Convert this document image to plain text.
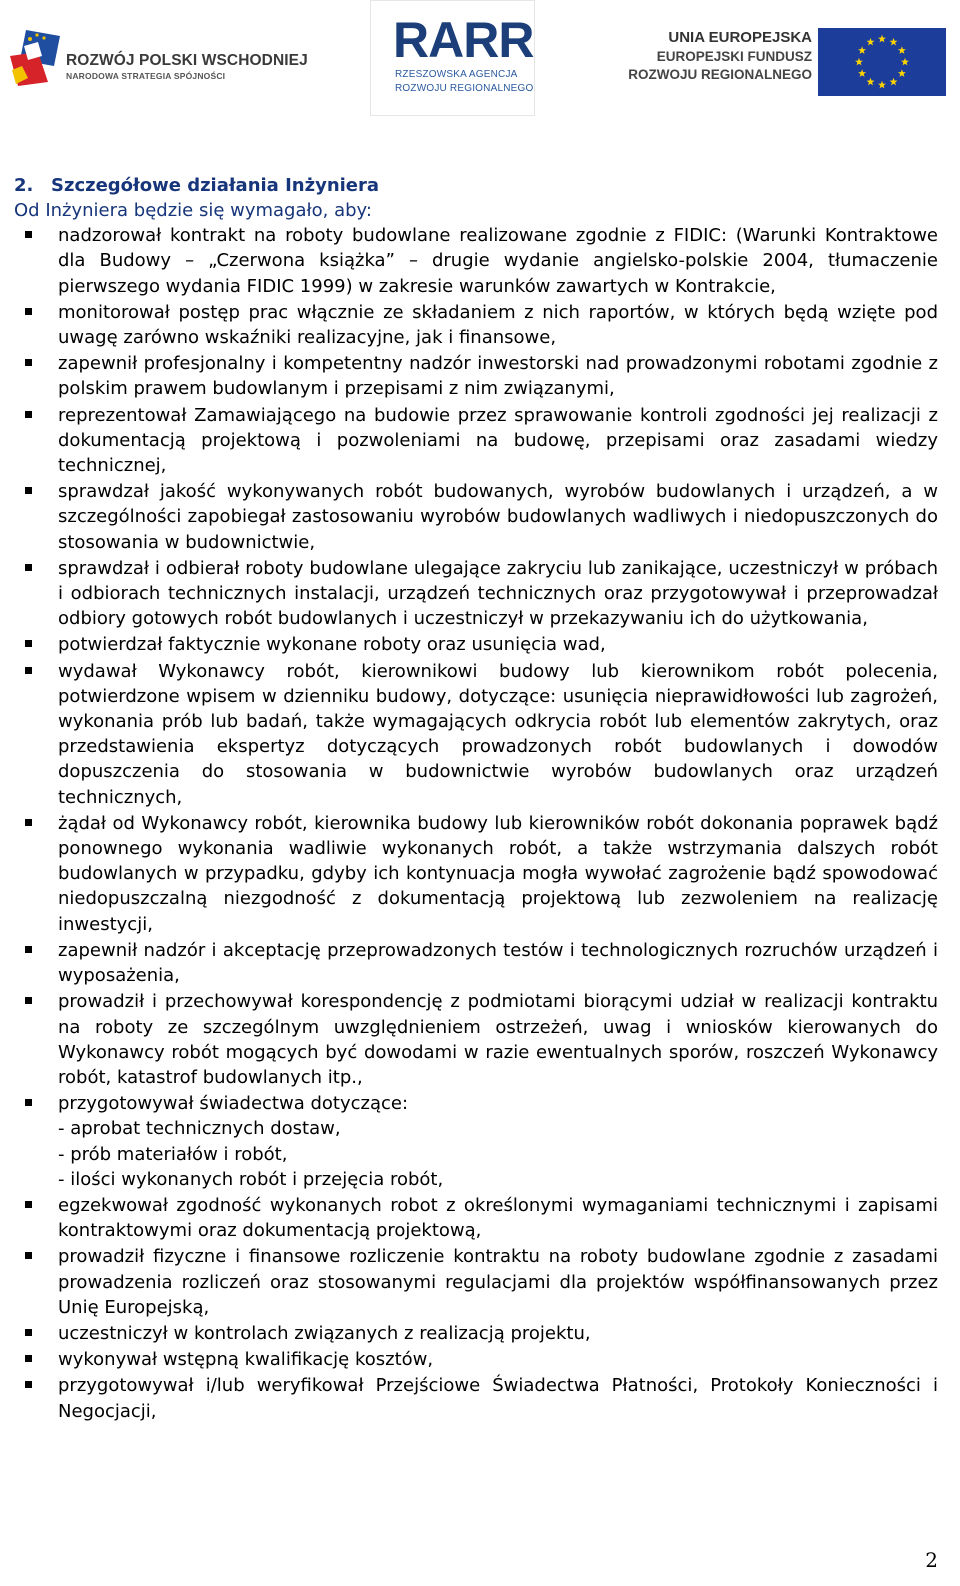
ROZWÓJ POLSKI WSCHODNIEJ
NARODOWA STRATEGIA SPÓJNOŚCI
RARR
RZESZOWSKA AGENCJA
ROZWOJU REGIONALNEGO
UNIA EUROPEJSKA
EUROPEJSKI FUNDUSZ
ROZWOJU REGIONALNEGO
2. Szczegółowe działania Inżyniera

Od Inżyniera będzie się wymagało, aby:

nadzorował kontrakt na roboty budowlane realizowane zgodnie z FIDIC: (Warunki Kontraktowe dla Budowy – „Czerwona książka” – drugie wydanie angielsko-polskie 2004, tłumaczenie pierwszego wydania FIDIC 1999) w zakresie warunków zawartych w Kontrakcie,
monitorował postęp prac włącznie ze składaniem z nich raportów, w których będą wzięte pod uwagę zarówno wskaźniki realizacyjne, jak i finansowe,
zapewnił profesjonalny i kompetentny nadzór inwestorski nad prowadzonymi robotami zgodnie z polskim prawem budowlanym i przepisami z nim związanymi,
reprezentował Zamawiającego na budowie przez sprawowanie kontroli zgodności jej realizacji z dokumentacją projektową i pozwoleniami na budowę, przepisami oraz zasadami wiedzy technicznej,
sprawdzał jakość wykonywanych robót budowanych, wyrobów budowlanych i urządzeń, a w szczególności zapobiegał zastosowaniu wyrobów budowlanych wadliwych i niedopuszczonych do stosowania w budownictwie,
sprawdzał i odbierał roboty budowlane ulegające zakryciu lub zanikające, uczestniczył w próbach i odbiorach technicznych instalacji, urządzeń technicznych oraz przygotowywał i przeprowadzał odbiory gotowych robót budowlanych i uczestniczył w przekazywaniu ich do użytkowania,
potwierdzał faktycznie wykonane roboty oraz usunięcia wad,
wydawał Wykonawcy robót, kierownikowi budowy lub kierownikom robót polecenia, potwierdzone wpisem w dzienniku budowy, dotyczące: usunięcia nieprawidłowości lub zagrożeń, wykonania prób lub badań, także wymagających odkrycia robót lub elementów zakrytych, oraz przedstawienia ekspertyz dotyczących prowadzonych robót budowlanych i dowodów dopuszczenia do stosowania w budownictwie wyrobów budowlanych oraz urządzeń technicznych,
żądał od Wykonawcy robót, kierownika budowy lub kierowników robót dokonania poprawek bądź ponownego wykonania wadliwie wykonanych robót, a także wstrzymania dalszych robót budowlanych w przypadku, gdyby ich kontynuacja mogła wywołać zagrożenie bądź spowodować niedopuszczalną niezgodność z dokumentacją projektową lub zezwoleniem na realizację inwestycji,
zapewnił nadzór i akceptację przeprowadzonych testów i technologicznych rozruchów urządzeń i wyposażenia,
prowadził i przechowywał korespondencję z podmiotami biorącymi udział w realizacji kontraktu na roboty ze szczególnym uwzględnieniem ostrzeżeń, uwag i wniosków kierowanych do Wykonawcy robót mogących być dowodami w razie ewentualnych sporów, roszczeń Wykonawcy robót, katastrof budowlanych itp.,
przygotowywał świadectwa dotyczące:
- aprobat technicznych dostaw,
- prób materiałów i robót,
- ilości wykonanych robót i przejęcia robót,
egzekwował zgodność wykonanych robot z określonymi wymaganiami technicznymi i zapisami kontraktowymi oraz dokumentacją projektową,
prowadził fizyczne i finansowe rozliczenie kontraktu na roboty budowlane zgodnie z zasadami prowadzenia rozliczeń oraz stosowanymi regulacjami dla projektów współfinansowanych przez Unię Europejską,
uczestniczył w kontrolach związanych z realizacją projektu,
wykonywał wstępną kwalifikację kosztów,
przygotowywał i/lub weryfikował Przejściowe Świadectwa Płatności, Protokoły Konieczności i Negocjacji,
2
